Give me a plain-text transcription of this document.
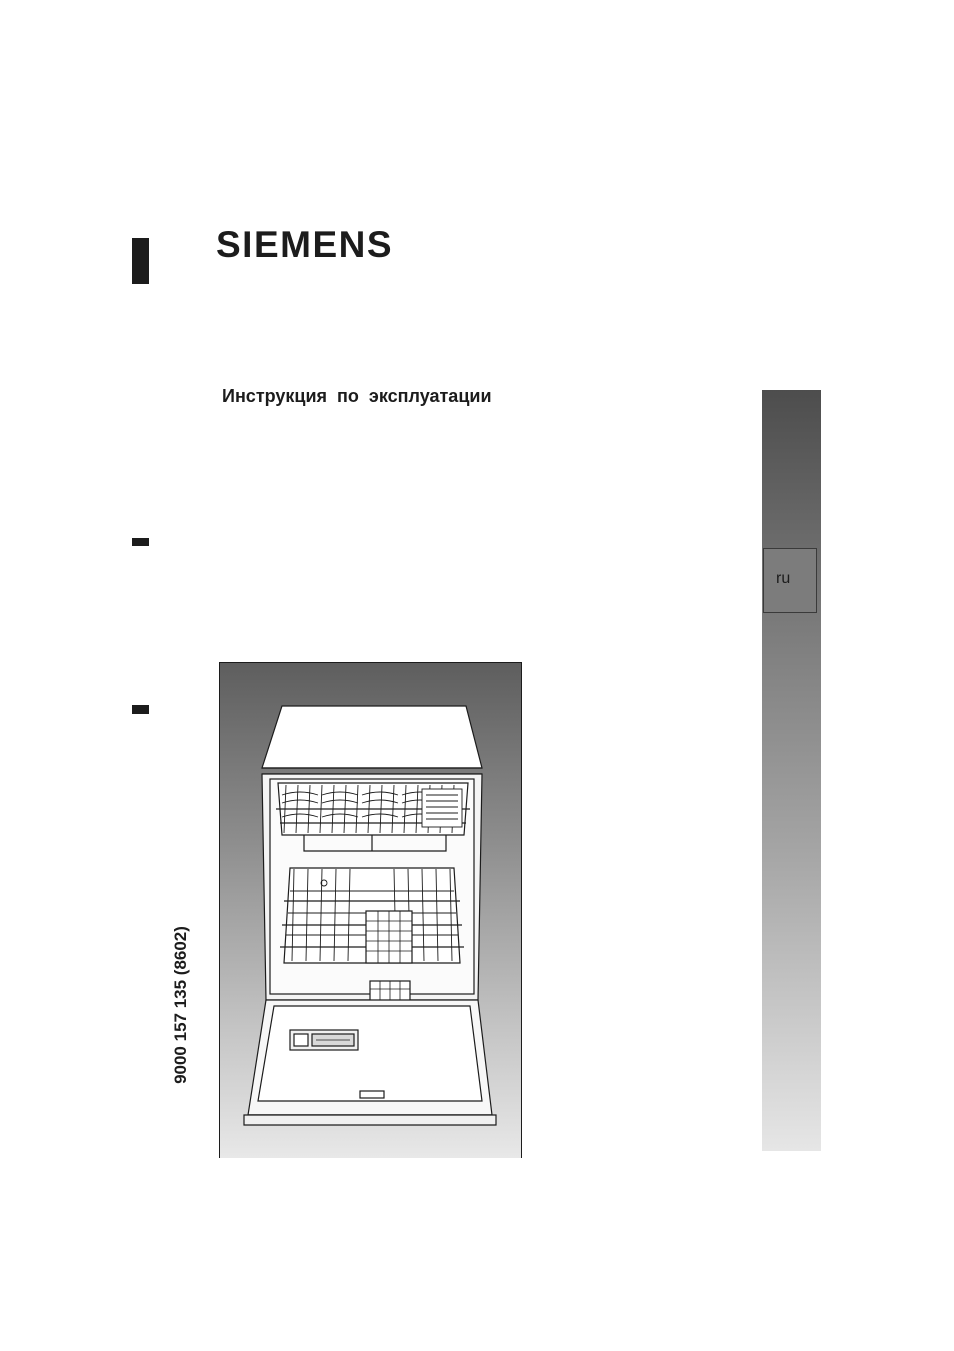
SIEMENS
Инструкция по эксплуатации
9000 157 135 (8602)
ru
